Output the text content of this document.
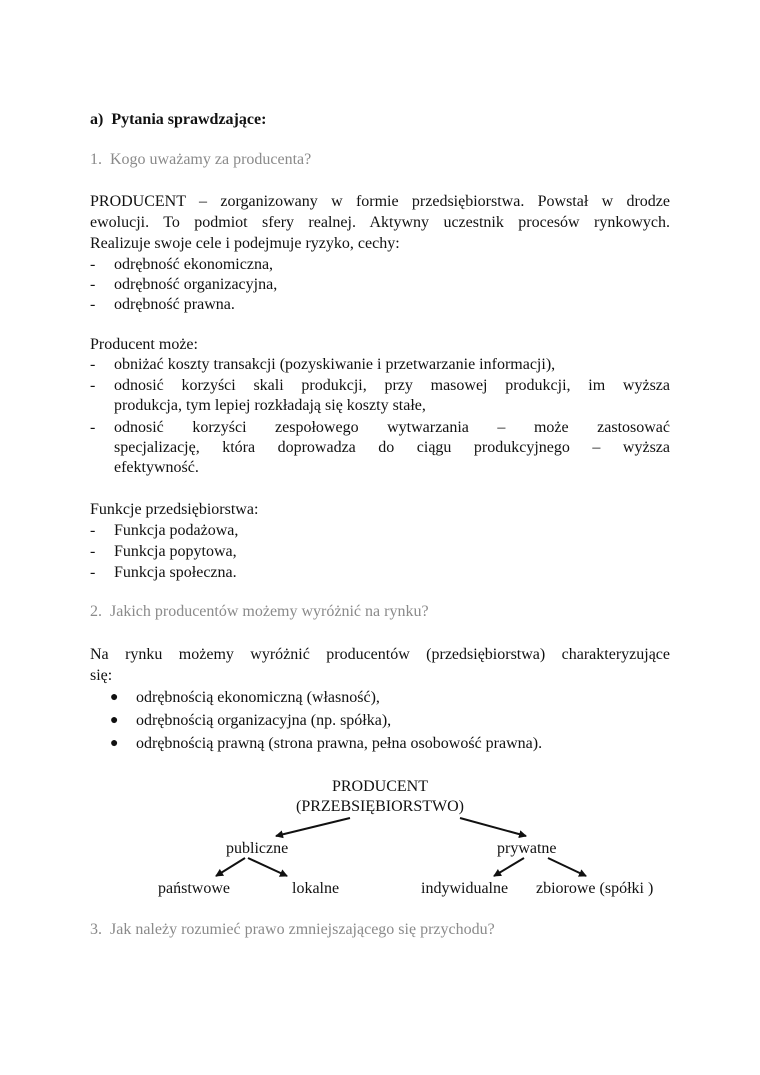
a)  Pytania sprawdzające:
1.  Kogo uważamy za producenta?
PRODUCENT – zorganizowany w formie przedsiębiorstwa. Powstał w drodze
ewolucji. To podmiot sfery realnej. Aktywny uczestnik procesów rynkowych.
Realizuje swoje cele i podejmuje ryzyko, cechy:
- odrębność ekonomiczna,
- odrębność organizacyjna,
- odrębność prawna.
Producent może:
- obniżać koszty transakcji (pozyskiwanie i przetwarzanie informacji),
- odnosić korzyści skali produkcji, przy masowej produkcji, im wyższa
produkcja, tym lepiej rozkładają się koszty stałe,
- odnosić korzyści zespołowego wytwarzania – może zastosować
specjalizację, która doprowadza do ciągu produkcyjnego – wyższa
efektywność.
Funkcje przedsiębiorstwa:
- Funkcja podażowa,
- Funkcja popytowa,
- Funkcja społeczna.
2.  Jakich producentów możemy wyróżnić na rynku?
Na rynku możemy wyróżnić producentów (przedsiębiorstwa) charakteryzujące
się:
● odrębnością ekonomiczną (własność),
● odrębnością organizacyjna (np. spółka),
● odrębnością prawną (strona prawna, pełna osobowość prawna).
PRODUCENT
(PRZEBSIĘBIORSTWO)
publiczne	prywatne
państwowe	lokalne	indywidualne zbiorowe (spółki )
3.  Jak należy rozumieć prawo zmniejszającego się przychodu?
